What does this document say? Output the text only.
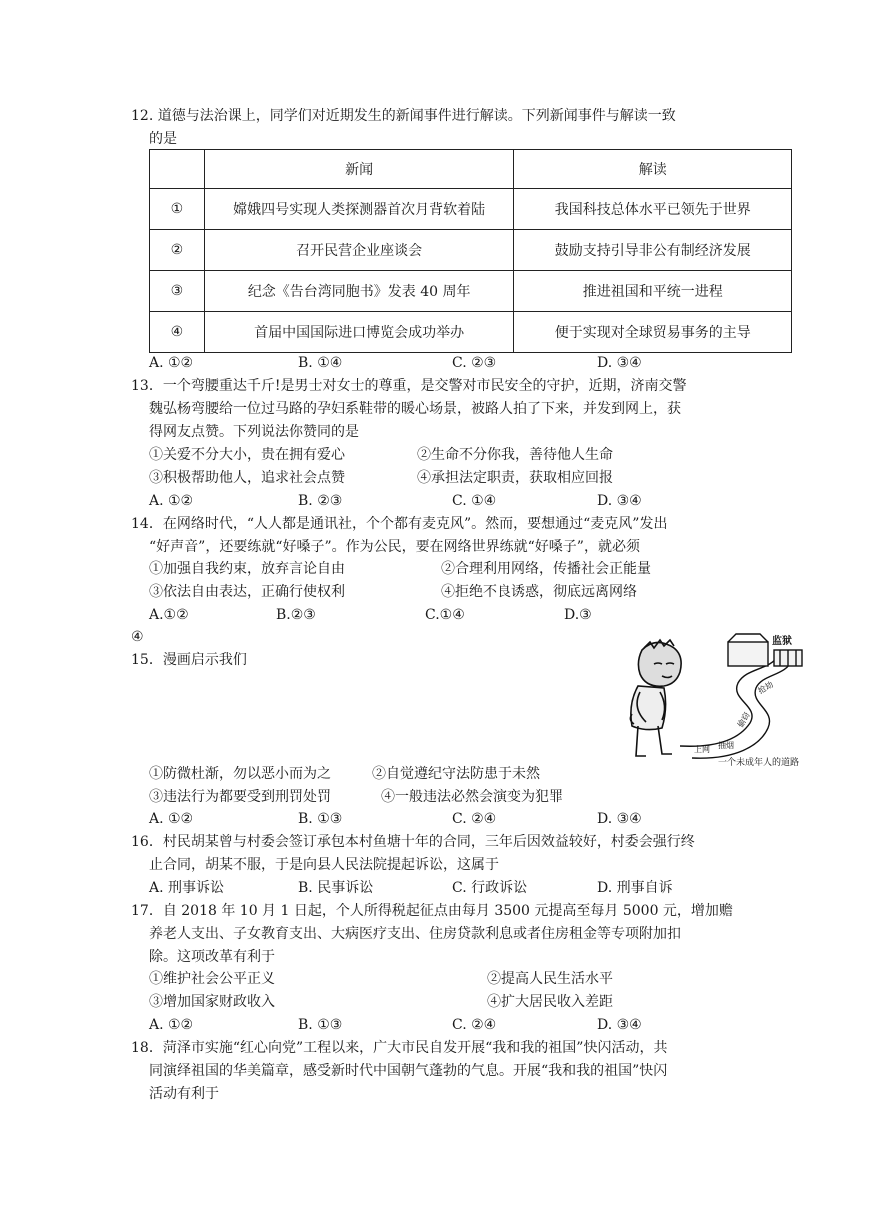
12. 道德与法治课上，同学们对近期发生的新闻事件进行解读。下列新闻事件与解读一致
的是
	新闻	解读
①	嫦娥四号实现人类探测器首次月背软着陆	我国科技总体水平已领先于世界
②	召开民营企业座谈会	鼓励支持引导非公有制经济发展
③	纪念《告台湾同胞书》发表 40 周年	推进祖国和平统一进程
④	首届中国国际进口博览会成功举办	便于实现对全球贸易事务的主导
A. ①②	B. ①④	C. ②③	D. ③④
13．一个弯腰重达千斤!是男士对女士的尊重，是交警对市民安全的守护，近期，济南交警
魏弘杨弯腰给一位过马路的孕妇系鞋带的暖心场景，被路人拍了下来，并发到网上，获
得网友点赞。下列说法你赞同的是
①关爱不分大小，贵在拥有爱心	②生命不分你我，善待他人生命
③积极帮助他人，追求社会点赞	④承担法定职责，获取相应回报
A. ①②	B. ②③	C. ①④	D. ③④
14．在网络时代，“人人都是通讯社，个个都有麦克风”。然而，要想通过“麦克风”发出
“好声音”，还要练就“好嗓子”。作为公民，要在网络世界练就“好嗓子”，就必须
①加强自我约束，放弃言论自由	②合理利用网络，传播社会正能量
③依法自由表达，正确行使权利	④拒绝不良诱惑，彻底远离网络
A.①②	B.②③	C.①④	D.③
④
15．漫画启示我们
监狱
上网 抽烟
偷窃
抢劫
一个未成年人的道路
①防微杜渐，勿以恶小而为之	②自觉遵纪守法防患于未然
③违法行为都要受到刑罚处罚	④一般违法必然会演变为犯罪
A. ①②	B. ①③	C. ②④	D. ③④
16．村民胡某曾与村委会签订承包本村鱼塘十年的合同，三年后因效益较好，村委会强行终
止合同，胡某不服，于是向县人民法院提起诉讼，这属于
A. 刑事诉讼	B. 民事诉讼	C. 行政诉讼	D. 刑事自诉
17．自 2018 年 10 月 1 日起，个人所得税起征点由每月 3500 元提高至每月 5000 元，增加赡
养老人支出、子女教育支出、大病医疗支出、住房贷款利息或者住房租金等专项附加扣
除。这项改革有利于
①维护社会公平正义	②提高人民生活水平
③增加国家财政收入	④扩大居民收入差距
A. ①②	B. ①③	C. ②④	D. ③④
18．菏泽市实施“红心向党”工程以来，广大市民自发开展“我和我的祖国”快闪活动，共
同演绎祖国的华美篇章，感受新时代中国朝气蓬勃的气息。开展“我和我的祖国”快闪
活动有利于
